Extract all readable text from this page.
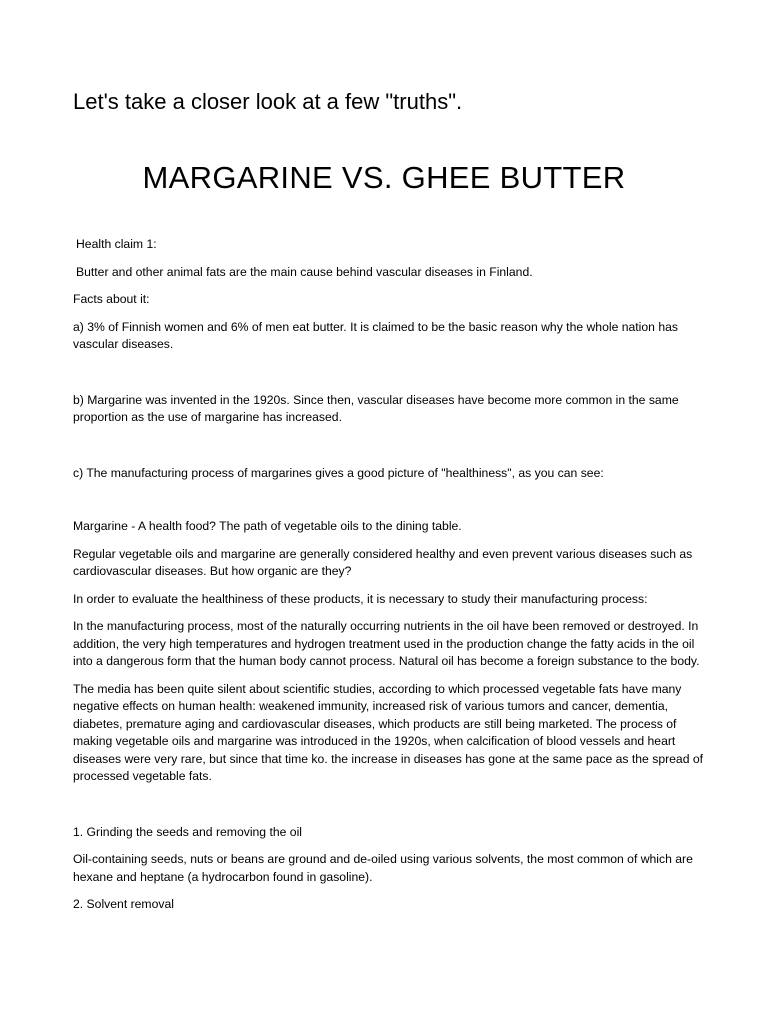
Let's take a closer look at a few "truths".
MARGARINE VS. GHEE BUTTER

Health claim 1:

Butter and other animal fats are the main cause behind vascular diseases in Finland.

Facts about it:

a) 3% of Finnish women and 6% of men eat butter. It is claimed to be the basic reason why the whole nation has vascular diseases.

b) Margarine was invented in the 1920s. Since then, vascular diseases have become more common in the same proportion as the use of margarine has increased.

c) The manufacturing process of margarines gives a good picture of "healthiness", as you can see:

Margarine - A health food? The path of vegetable oils to the dining table.

Regular vegetable oils and margarine are generally considered healthy and even prevent various diseases such as cardiovascular diseases. But how organic are they?

In order to evaluate the healthiness of these products, it is necessary to study their manufacturing process:

In the manufacturing process, most of the naturally occurring nutrients in the oil have been removed or destroyed. In addition, the very high temperatures and hydrogen treatment used in the production change the fatty acids in the oil into a dangerous form that the human body cannot process. Natural oil has become a foreign substance to the body.

The media has been quite silent about scientific studies, according to which processed vegetable fats have many negative effects on human health: weakened immunity, increased risk of various tumors and cancer, dementia, diabetes, premature aging and cardiovascular diseases, which products are still being marketed. The process of making vegetable oils and margarine was introduced in the 1920s, when calcification of blood vessels and heart diseases were very rare, but since that time ko. the increase in diseases has gone at the same pace as the spread of processed vegetable fats.

1. Grinding the seeds and removing the oil

Oil-containing seeds, nuts or beans are ground and de-oiled using various solvents, the most common of which are hexane and heptane (a hydrocarbon found in gasoline).

2. Solvent removal
